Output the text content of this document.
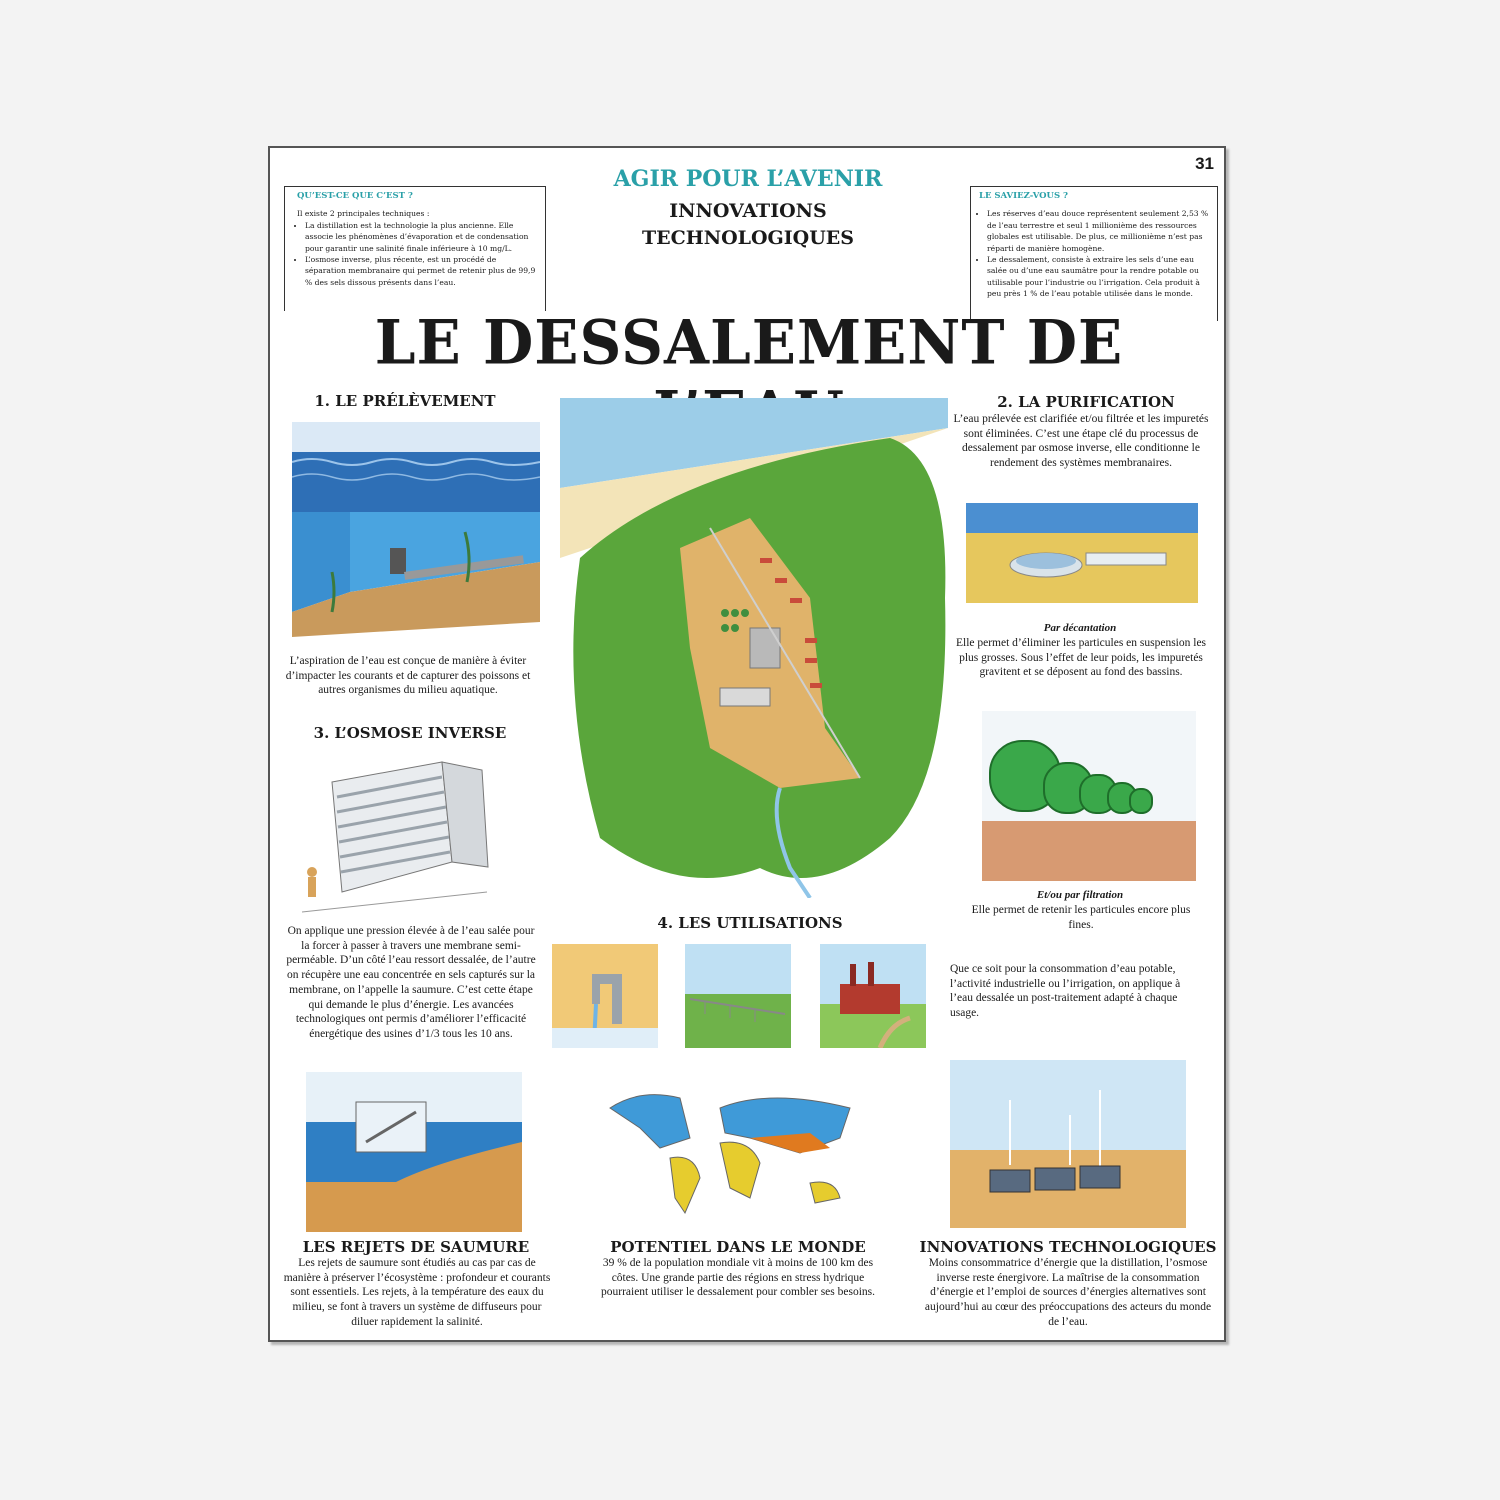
31
AGIR POUR L’AVENIR
INNOVATIONS
TECHNOLOGIQUES
QU’EST-CE QUE C’EST ?
Il existe 2 principales techniques :
• La distillation est la technologie la plus ancienne. Elle associe les phénomènes d’évaporation et de condensation pour garantir une salinité finale inférieure à 10 mg/L.
• L’osmose inverse, plus récente, est un procédé de séparation membranaire qui permet de retenir plus de 99,9 % des sels dissous présents dans l’eau.
LE SAVIEZ-VOUS ?
• Les réserves d’eau douce représentent seulement 2,53 % de l’eau terrestre et seul 1 millionième des ressources globales est utilisable. De plus, ce millionième n’est pas réparti de manière homogène.
• Le dessalement, consiste à extraire les sels d’une eau salée ou d’une eau saumâtre pour la rendre potable ou utilisable pour l’industrie ou l’irrigation. Cela produit à peu près 1 % de l’eau potable utilisée dans le monde.
LE DESSALEMENT DE
1. LE PRÉLÈVEMENT
L’aspiration de l’eau est conçue de manière à éviter d’impacter les courants et de capturer des poissons et autres organismes du milieu aquatique.
3. L’OSMOSE INVERSE
On applique une pression élevée à de l’eau salée pour la forcer à passer à travers une membrane semi-perméable. D’un côté l’eau ressort dessalée, de l’autre on récupère une eau concentrée en sels capturés sur la membrane, on l’appelle la saumure. C’est cette étape qui demande le plus d’énergie. Les avancées technologiques ont permis d’améliorer l’efficacité énergétique des usines d’1/3 tous les 10 ans.
2. LA PURIFICATION
L’eau prélevée est clarifiée et/ou filtrée et les impuretés sont éliminées. C’est une étape clé du processus de dessalement par osmose inverse, elle conditionne le rendement des systèmes membranaires.
Par décantation
Elle permet d’éliminer les particules en suspension les plus grosses. Sous l’effet de leur poids, les impuretés gravitent et se déposent au fond des bassins.
Et/ou par filtration
Elle permet de retenir les particules encore plus fines.
4. LES UTILISATIONS
Que ce soit pour la consommation d’eau potable, l’activité industrielle ou l’irrigation, on applique à l’eau dessalée un post-traitement adapté à chaque usage.
LES REJETS DE SAUMURE
Les rejets de saumure sont étudiés au cas par cas de manière à préserver l’écosystème : profondeur et courants sont essentiels. Les rejets, à la température des eaux du milieu, se font à travers un système de diffuseurs pour diluer rapidement la salinité.
POTENTIEL DANS LE MONDE
39 % de la population mondiale vit à moins de 100 km des côtes. Une grande partie des régions en stress hydrique pourraient utiliser le dessalement pour combler ses besoins.
INNOVATIONS TECHNOLOGIQUES
Moins consommatrice d’énergie que la distillation, l’osmose inverse reste énergivore. La maîtrise de la consommation d’énergie et l’emploi de sources d’énergies alternatives sont aujourd’hui au cœur des préoccupations des acteurs du monde de l’eau.
